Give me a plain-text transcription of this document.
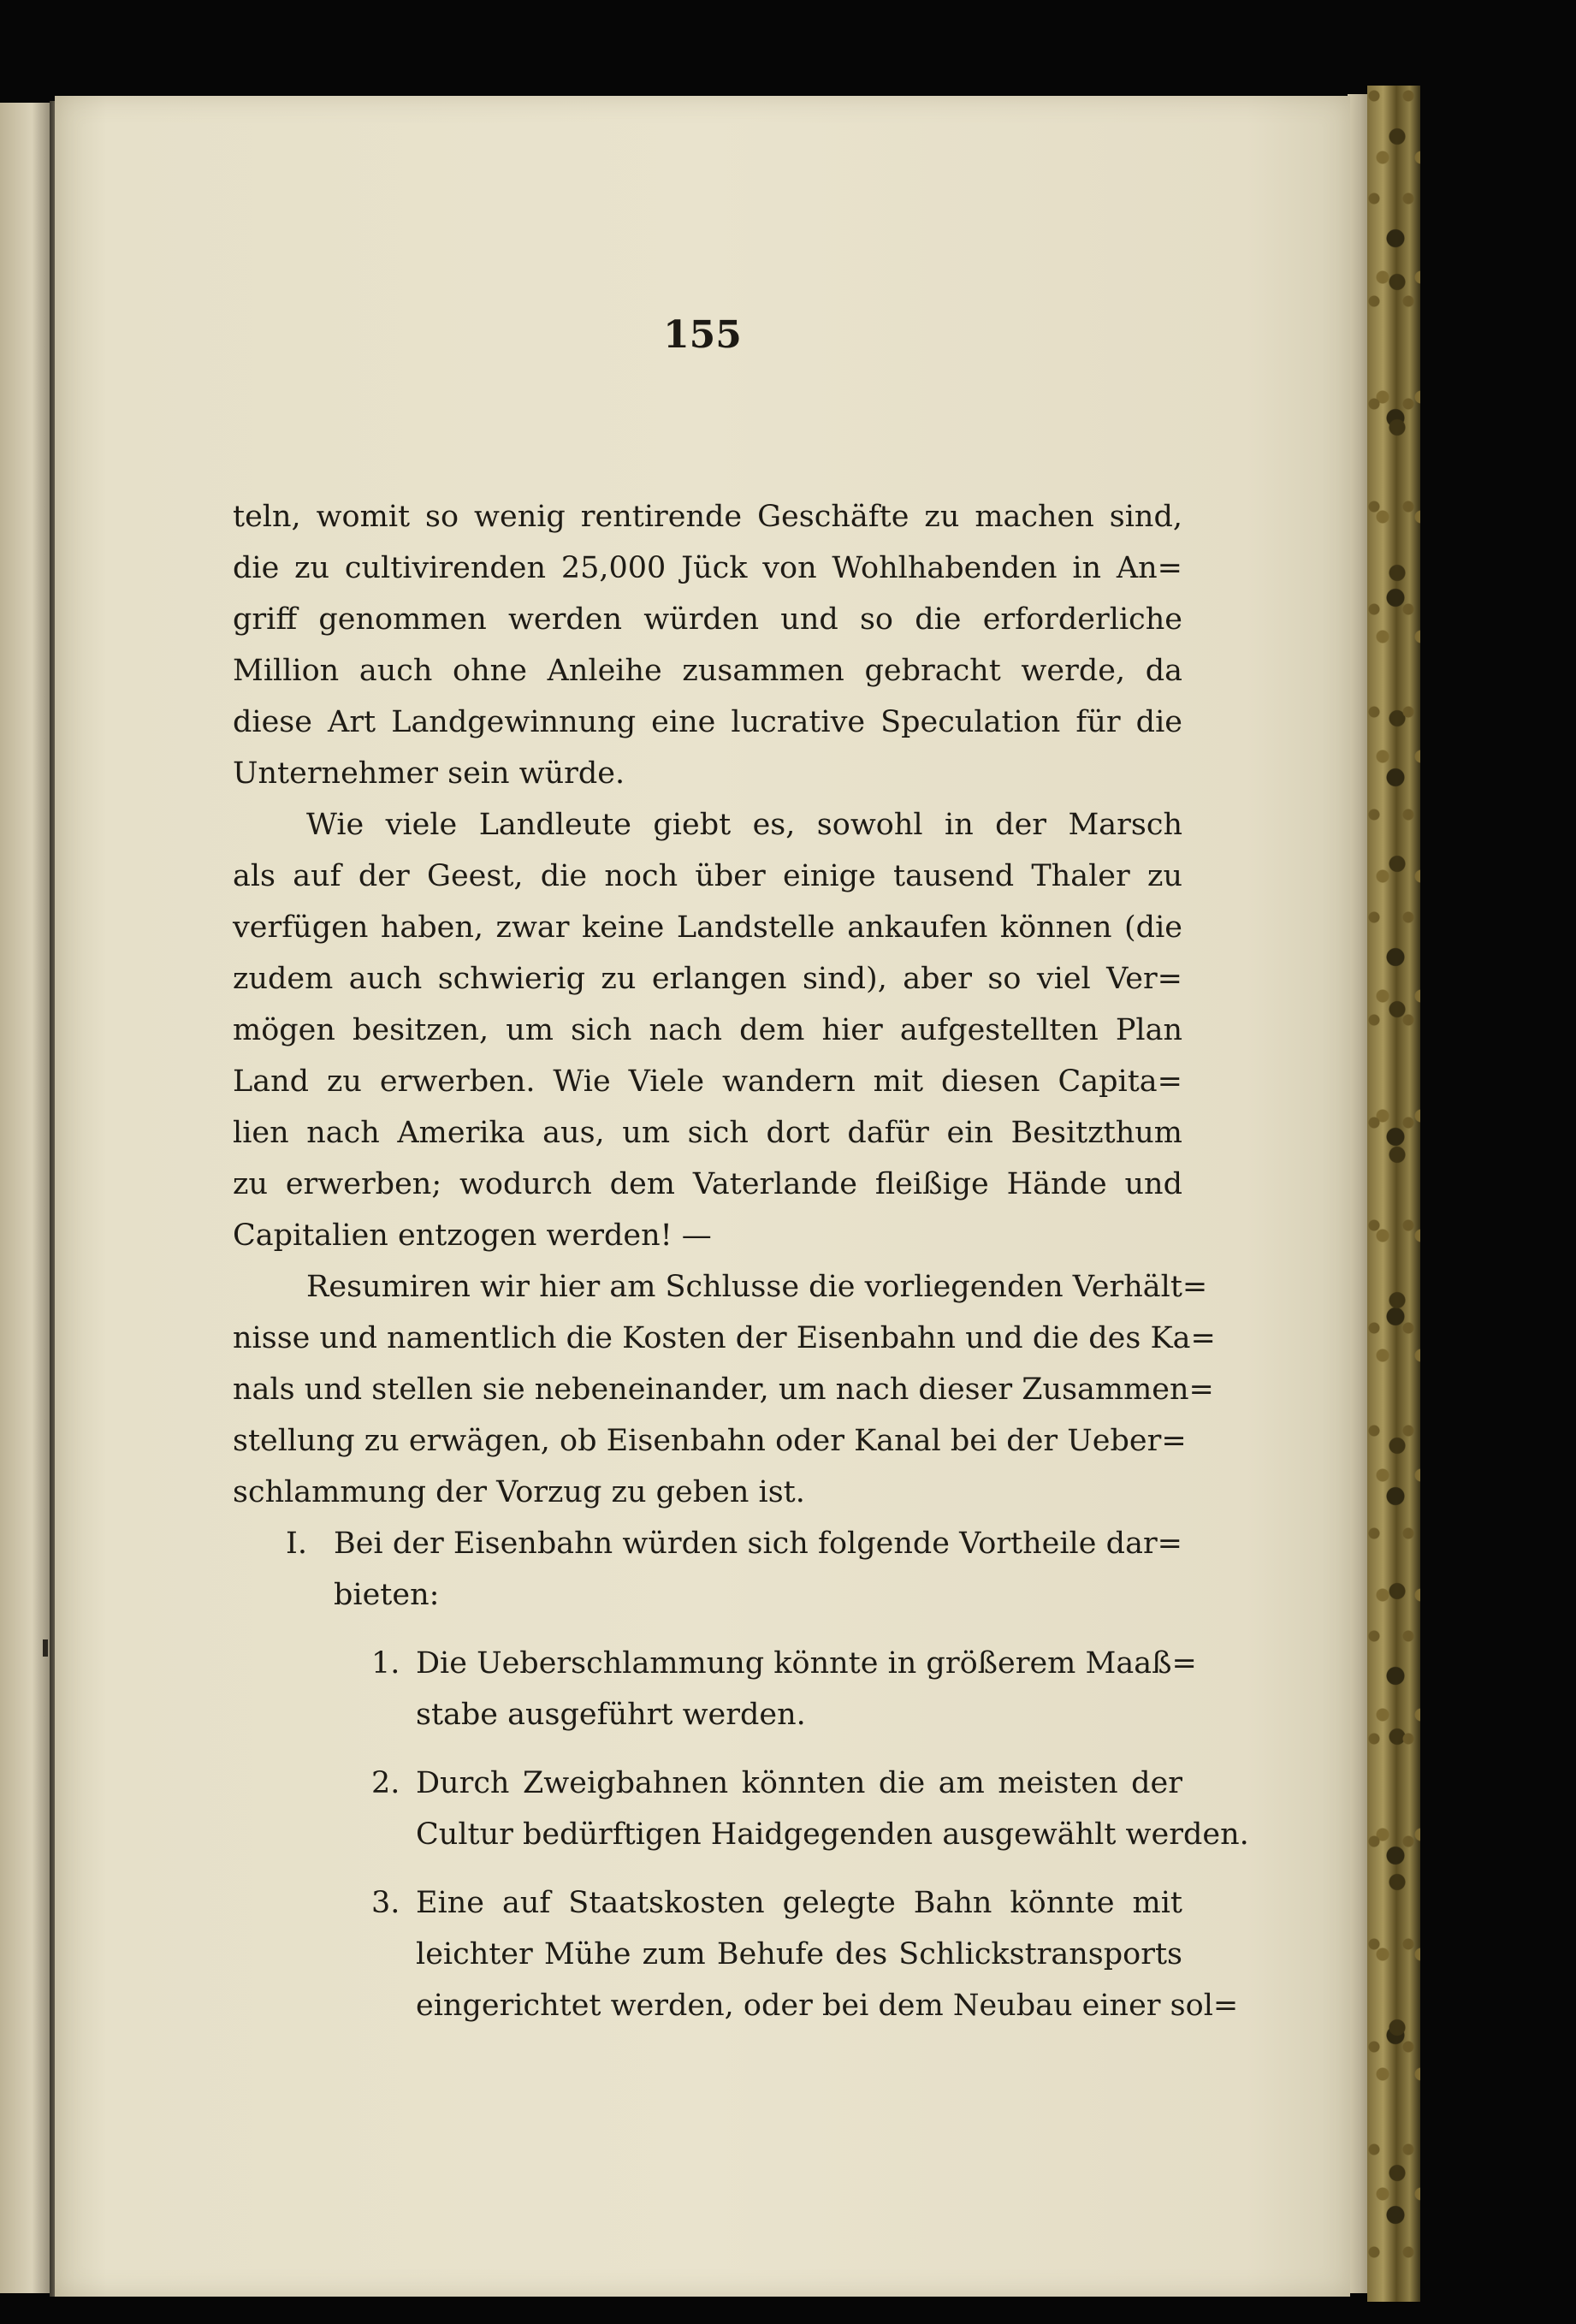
155
teln, womit so wenig rentirende Geschäfte zu machen sind,
die zu cultivirenden 25,000 Jück von Wohlhabenden in An=
griff genommen werden würden und so die erforderliche
Million auch ohne Anleihe zusammen gebracht werde, da
diese Art Landgewinnung eine lucrative Speculation für die
Unternehmer sein würde.
Wie viele Landleute giebt es, sowohl in der Marsch
als auf der Geest, die noch über einige tausend Thaler zu
verfügen haben, zwar keine Landstelle ankaufen können (die
zudem auch schwierig zu erlangen sind), aber so viel Ver=
mögen besitzen, um sich nach dem hier aufgestellten Plan
Land zu erwerben. Wie Viele wandern mit diesen Capita=
lien nach Amerika aus, um sich dort dafür ein Besitzthum
zu erwerben; wodurch dem Vaterlande fleißige Hände und
Capitalien entzogen werden! —
Resumiren wir hier am Schlusse die vorliegenden Verhält=
nisse und namentlich die Kosten der Eisenbahn und die des Ka=
nals und stellen sie nebeneinander, um nach dieser Zusammen=
stellung zu erwägen, ob Eisenbahn oder Kanal bei der Ueber=
schlammung der Vorzug zu geben ist.
I. Bei der Eisenbahn würden sich folgende Vortheile dar=
bieten:
1. Die Ueberschlammung könnte in größerem Maaß=
stabe ausgeführt werden.
2. Durch Zweigbahnen könnten die am meisten der
Cultur bedürftigen Haidgegenden ausgewählt werden.
3. Eine auf Staatskosten gelegte Bahn könnte mit
leichter Mühe zum Behufe des Schlickstransports
eingerichtet werden, oder bei dem Neubau einer sol=
